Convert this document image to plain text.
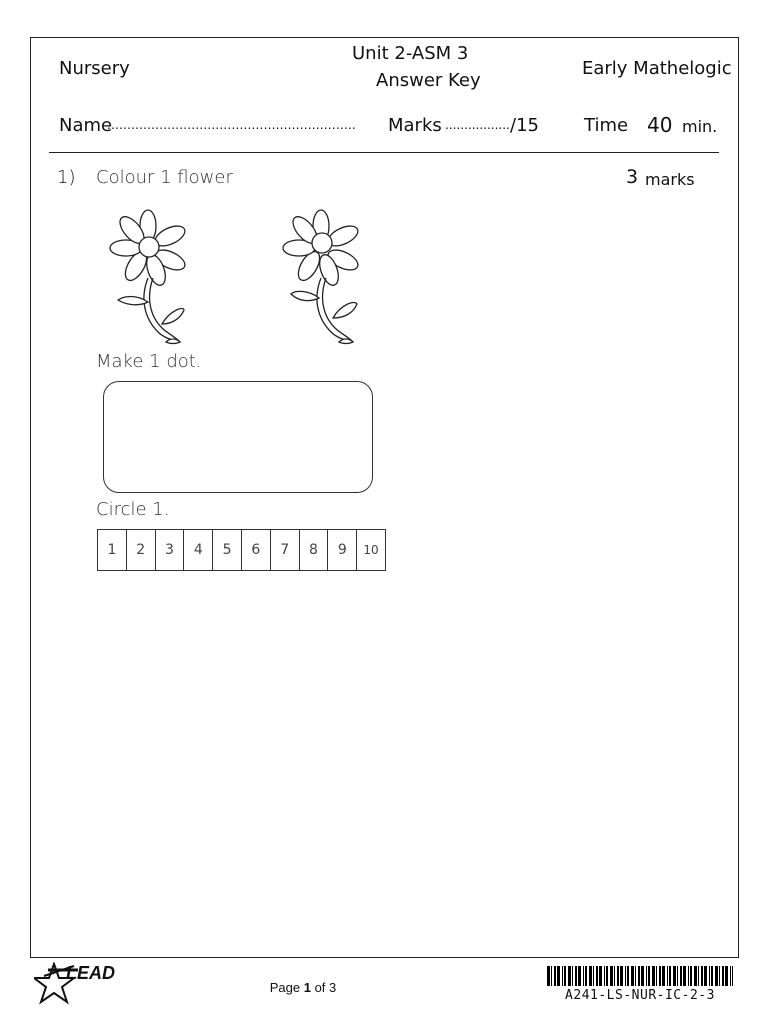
Nursery
Unit 2-ASM 3
Answer Key
Early Mathelogic
Name
.............................................................. Marks ................. /15	Time 40 min.
1) Colour 1 flower	3 marks
Make 1 dot.
Circle 1.
1	2	3	4	5	6	7	8	9	10
LEAD
Page 1 of 3
A241-LS-NUR-IC-2-3
